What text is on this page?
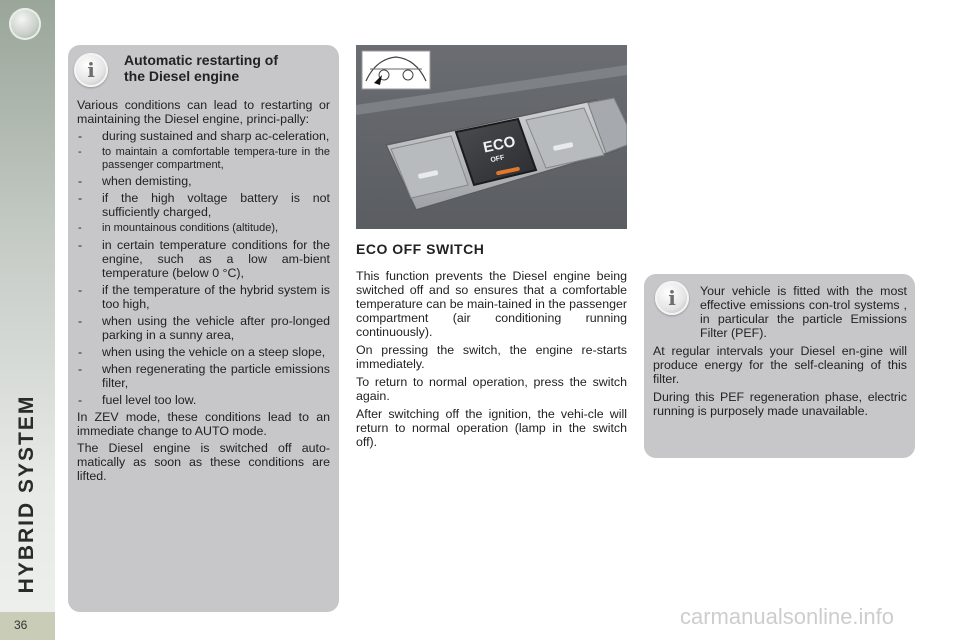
HYBRID SYSTEM
36
i	Automatic restarting of
the Diesel engine

Various conditions can lead to restarting or maintaining the Diesel engine, princi-pally:

- during sustained and sharp ac-celeration,
- to maintain a comfortable tempera-ture in the passenger compartment,
- when demisting,
- if the high voltage battery is not sufficiently charged,
- in mountainous conditions (altitude),
- in certain temperature conditions for the engine, such as a low am-bient temperature (below 0 °C),
- if the temperature of the hybrid system is too high,
- when using the vehicle after pro-longed parking in a sunny area,
- when using the vehicle on a steep slope,
- when regenerating the particle emissions filter,
- fuel level too low.

In ZEV mode, these conditions lead to an immediate change to AUTO mode.

The Diesel engine is switched off auto-matically as soon as these conditions are lifted.

ECO
OFF
ECO OFF SWITCH

This function prevents the Diesel engine being switched off and so ensures that a comfortable temperature can be main-tained in the passenger compartment (air conditioning running continuously).

On pressing the switch, the engine re-starts immediately.

To return to normal operation, press the switch again.

After switching off the ignition, the vehi-cle will return to normal operation (lamp in the switch off).

i	Your vehicle is fitted with the most effective emissions con-trol systems , in particular the particle Emissions Filter (PEF).

At regular intervals your Diesel en-gine will produce energy for the self-cleaning of this filter.

During this PEF regeneration phase, electric running is purposely made unavailable.

carmanualsonline.info
